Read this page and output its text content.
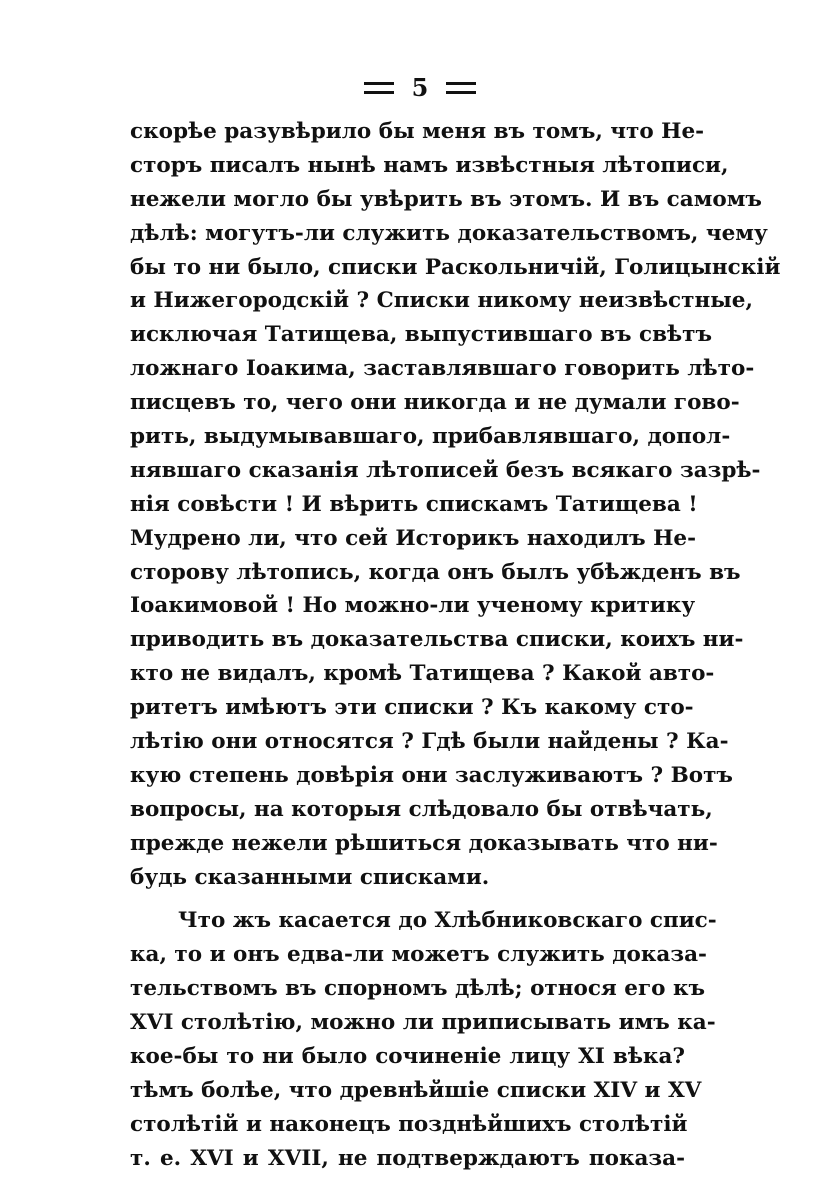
5
скорѣе разувѣрило бы меня въ томъ, что Не-
сторъ писалъ нынѣ намъ извѣстныя лѣтописи,
нежели могло бы увѣрить въ этомъ. И въ самомъ
дѣлѣ: могутъ-ли служить доказательствомъ, чему
бы то ни было, списки Раскольничій, Голицынскій
и Нижегородскій ? Списки никому неизвѣстные,
исключая Татищева, выпустившаго въ свѣтъ
ложнаго Іоакима, заставлявшаго говорить лѣто-
писцевъ то, чего они никогда и не думали гово-
рить, выдумывавшаго, прибавлявшаго, допол-
нявшаго сказанія лѣтописей безъ всякаго зазрѣ-
нія совѣсти ! И вѣрить спискамъ Татищева !
Мудрено ли, что сей Историкъ находилъ Не-
сторову лѣтопись, когда онъ былъ убѣжденъ въ
Іоакимовой ! Но можно-ли ученому критику
приводить въ доказательства списки, коихъ ни-
кто не видалъ, кромѣ Татищева ? Какой авто-
ритетъ имѣютъ эти списки ? Къ какому сто-
лѣтію они относятся ? Гдѣ были найдены ? Ка-
кую степень довѣрія они заслуживаютъ ? Вотъ
вопросы, на которыя слѣдовало бы отвѣчать,
прежде нежели рѣшиться доказывать что ни-
будь сказанными списками.
Что жъ касается до Хлѣбниковскаго спис-
ка, то и онъ едва-ли можетъ служить доказа-
тельствомъ въ спорномъ дѣлѣ; относя его къ
XVI столѣтію, можно ли приписывать имъ ка-
кое-бы то ни было сочиненіе лицу XI вѣка?
тѣмъ болѣе, что древнѣйшіе списки XIV и XV
столѣтій и наконецъ позднѣйшихъ столѣтій
т. е. XVI и XVII, не подтверждаютъ показа-
